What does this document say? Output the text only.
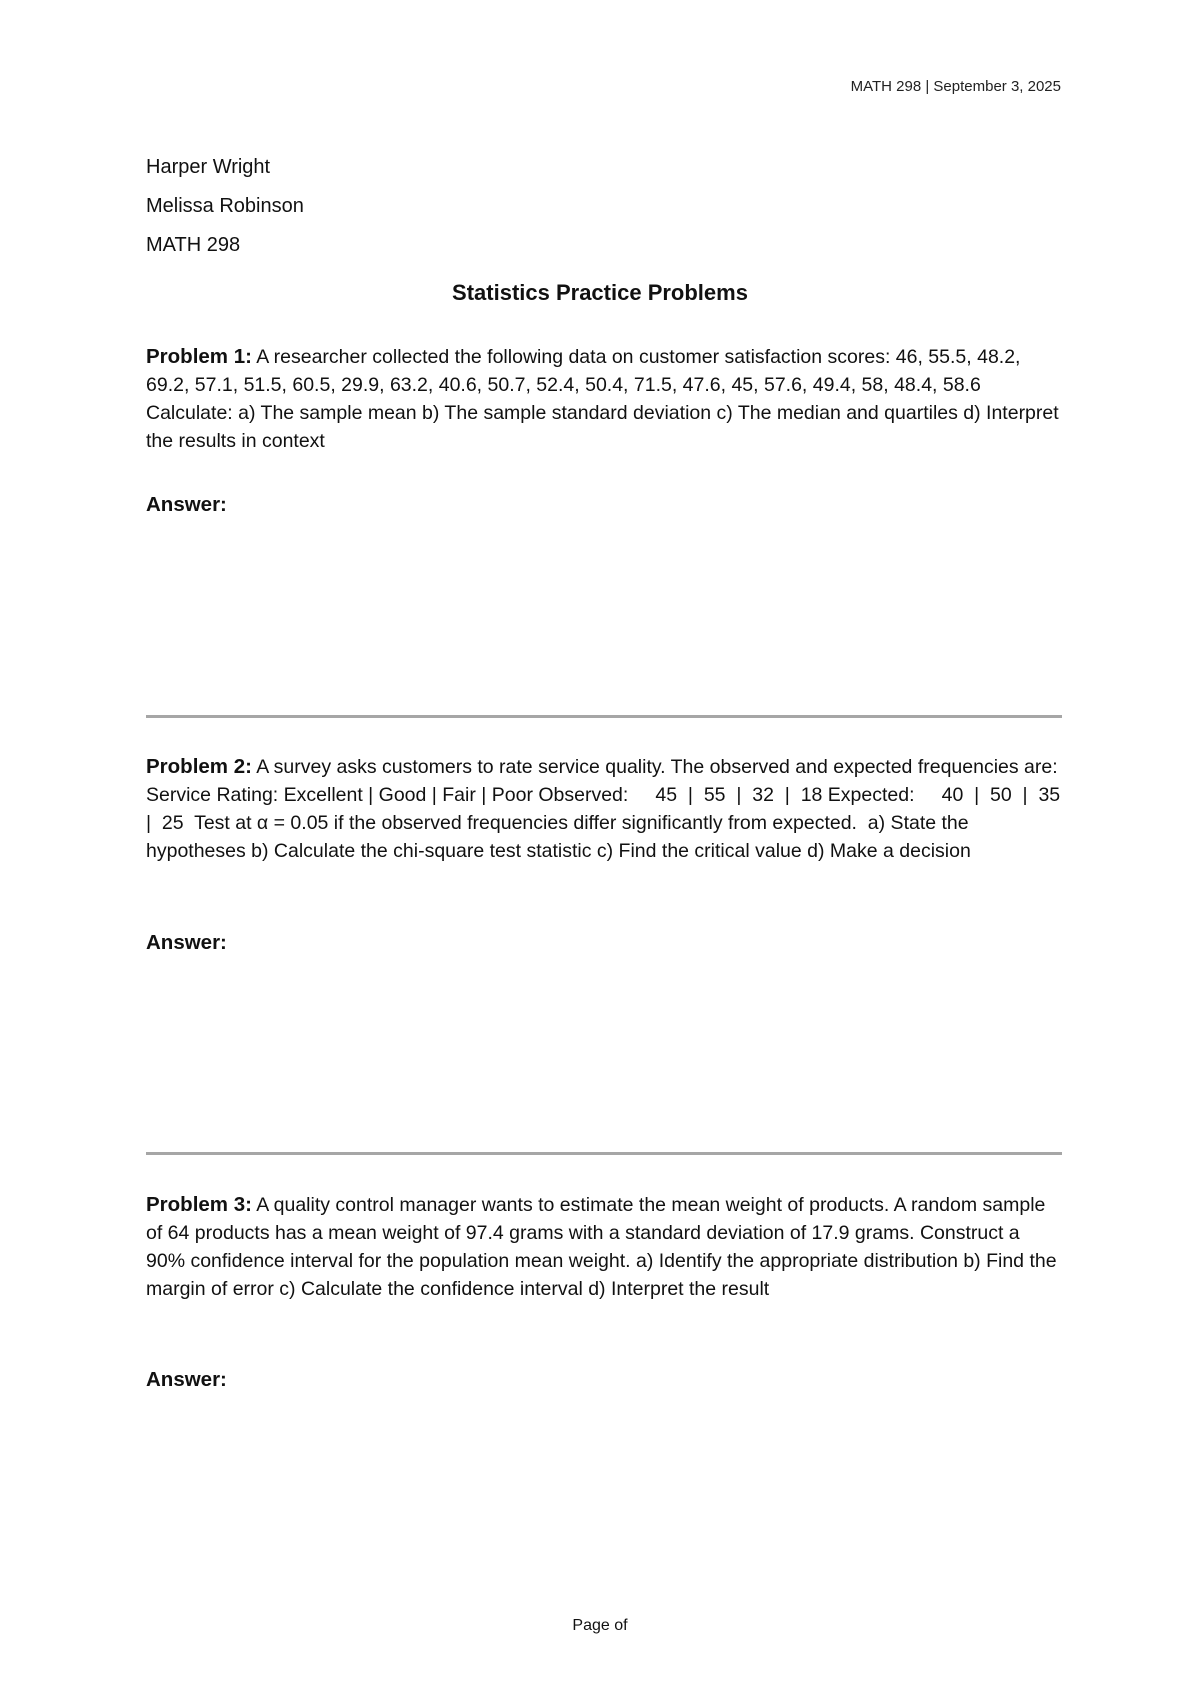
MATH 298 | September 3, 2025
Harper Wright
Melissa Robinson
MATH 298
Statistics Practice Problems

Problem 1: A researcher collected the following data on customer satisfaction scores: 46, 55.5, 48.2, 69.2, 57.1, 51.5, 60.5, 29.9, 63.2, 40.6, 50.7, 52.4, 50.4, 71.5, 47.6, 45, 57.6, 49.4, 58, 48.4, 58.6 Calculate: a) The sample mean b) The sample standard deviation c) The median and quartiles d) Interpret the results in context

Answer:

Problem 2: A survey asks customers to rate service quality. The observed and expected frequencies are:  Service Rating: Excellent | Good | Fair | Poor Observed:     45  |  55  |  32  |  18 Expected:     40  |  50  |  35  |  25  Test at α = 0.05 if the observed frequencies differ significantly from expected.  a) State the hypotheses b) Calculate the chi-square test statistic c) Find the critical value d) Make a decision

Answer:

Problem 3: A quality control manager wants to estimate the mean weight of products. A random sample of 64 products has a mean weight of 97.4 grams with a standard deviation of 17.9 grams. Construct a 90% confidence interval for the population mean weight. a) Identify the appropriate distribution b) Find the margin of error c) Calculate the confidence interval d) Interpret the result

Answer:
Page of
